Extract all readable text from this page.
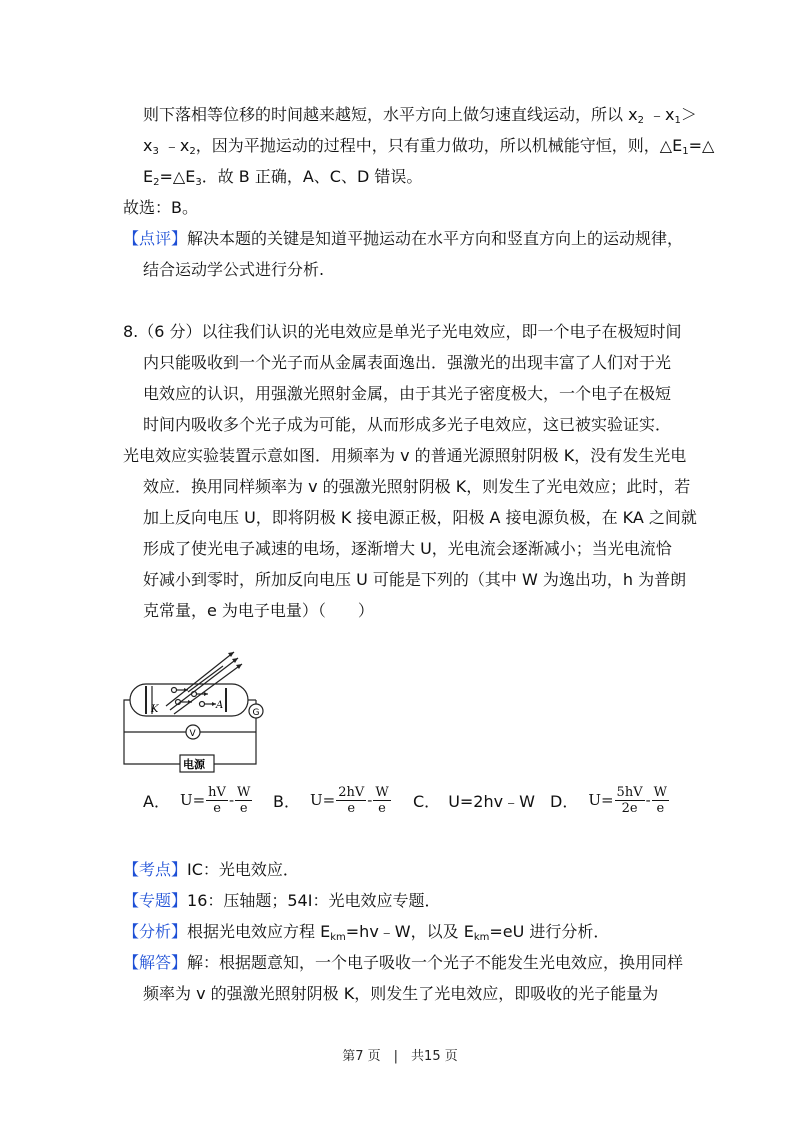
则下落相等位移的时间越来越短，水平方向上做匀速直线运动，所以 $x_2$ $﹣x_1>$
$x_3$ $﹣x_2$，因为平抛运动的过程中，只有重力做功，所以机械能守恒，则，$\triangle E_1=\triangle$
$E_2=\triangle E_3$．故 B 正确，A、C、D 错误。
故选：B。
【点评】解决本题的关键是知道平抛运动在水平方向和竖直方向上的运动规律，
结合运动学公式进行分析.
8.（6 分）以往我们认识的光电效应是单光子光电效应，即一个电子在极短时间
内只能吸收到一个光子而从金属表面逸出．强激光的出现丰富了人们对于光
电效应的认识，用强激光照射金属，由于其光子密度极大，一个电子在极短
时间内吸收多个光子成为可能，从而形成多光子电效应，这已被实验证实．
光电效应实验装置示意如图．用频率为 v 的普通光源照射阴极 K，没有发生光电
效应．换用同样频率为 v 的强激光照射阴极 K，则发生了光电效应；此时，若
加上反向电压 U，即将阴极 K 接电源正极，阳极 A 接电源负极，在 KA 之间就
形成了使光电子减速的电场，逐渐增大 U，光电流会逐渐减小；当光电流恰
好减小到零时，所加反向电压 U 可能是下列的（其中 W 为逸出功，h 为普朗
克常量，e 为电子电量）（　　）
K	A
G
V
电源
A． $U= \frac{hV}{e} - \frac{W}{e}$ B． $U= \frac{2hV}{e} - \frac{W}{e}$ C． U=2hv﹣W D． $U= \frac{5hV}{2e} - \frac{W}{e}$
【考点】IC：光电效应．
【专题】16：压轴题；54I：光电效应专题．
【分析】根据光电效应方程 $E_{km}=hv﹣W$，以及 $E_{km}=eU$ 进行分析．
【解答】解：根据题意知，一个电子吸收一个光子不能发生光电效应，换用同样
频率为 v 的强激光照射阴极 K，则发生了光电效应，即吸收的光子能量为
第7 页　|　共15 页
